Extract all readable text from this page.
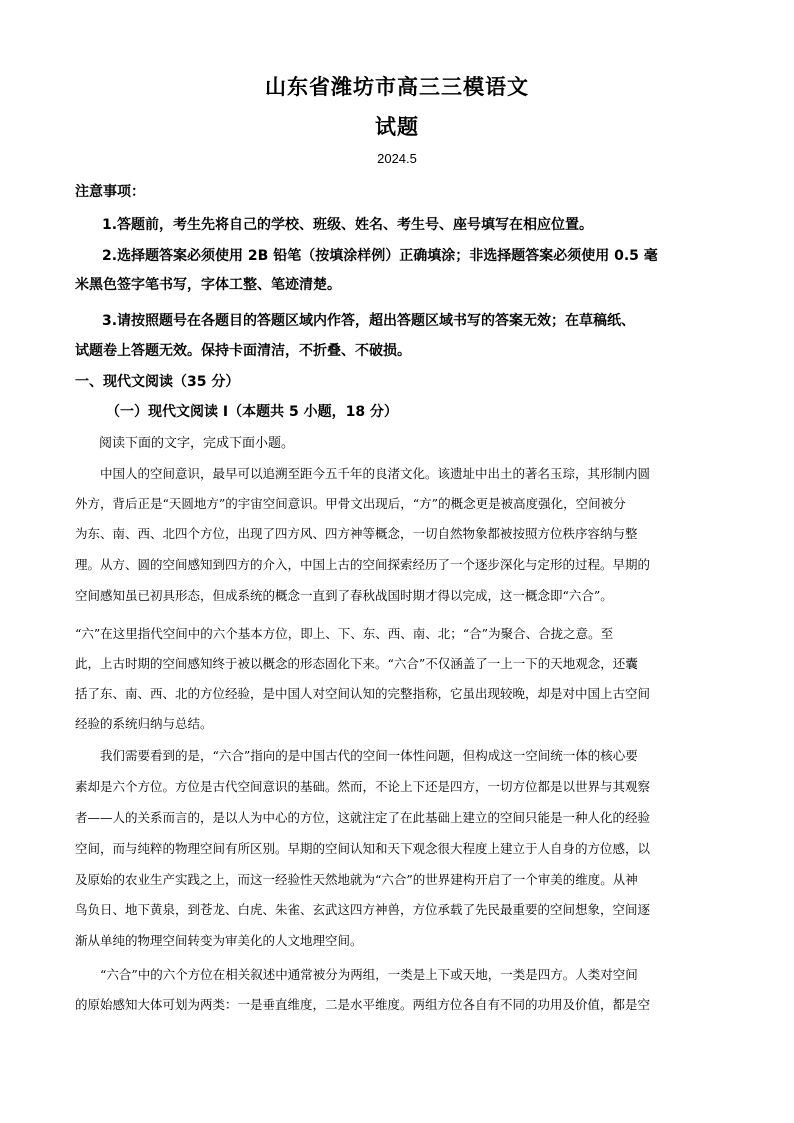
山东省潍坊市高三三模语文
试题
2024.5
注意事项：
1.答题前，考生先将自己的学校、班级、姓名、考生号、座号填写在相应位置。
2.选择题答案必须使用 2B 铅笔（按填涂样例）正确填涂；非选择题答案必须使用 0.5 毫
米黑色签字笔书写，字体工整、笔迹清楚。
3.请按照题号在各题目的答题区域内作答，超出答题区域书写的答案无效；在草稿纸、
试题卷上答题无效。保持卡面清洁，不折叠、不破损。
一、现代文阅读（35 分）
（一）现代文阅读 I（本题共 5 小题，18 分）
阅读下面的文字，完成下面小题。
中国人的空间意识，最早可以追溯至距今五千年的良渚文化。该遗址中出土的著名玉琮，其形制内圆
外方，背后正是“天圆地方”的宇宙空间意识。甲骨文出现后，“方”的概念更是被高度强化，空间被分
为东、南、西、北四个方位，出现了四方风、四方神等概念，一切自然物象都被按照方位秩序容纳与整
理。从方、圆的空间感知到四方的介入，中国上古的空间探索经历了一个逐步深化与定形的过程。早期的
空间感知虽已初具形态，但成系统的概念一直到了春秋战国时期才得以完成，这一概念即“六合”。
“六”在这里指代空间中的六个基本方位，即上、下、东、西、南、北；“合”为聚合、合拢之意。至
此，上古时期的空间感知终于被以概念的形态固化下来。“六合”不仅涵盖了一上一下的天地观念，还囊
括了东、南、西、北的方位经验，是中国人对空间认知的完整指称，它虽出现较晚，却是对中国上古空间
经验的系统归纳与总结。
我们需要看到的是，“六合”指向的是中国古代的空间一体性问题，但构成这一空间统一体的核心要
素却是六个方位。方位是古代空间意识的基础。然而，不论上下还是四方，一切方位都是以世界与其观察
者——人的关系而言的，是以人为中心的方位，这就注定了在此基础上建立的空间只能是一种人化的经验
空间，而与纯粹的物理空间有所区别。早期的空间认知和天下观念很大程度上建立于人自身的方位感，以
及原始的农业生产实践之上，而这一经验性天然地就为“六合”的世界建构开启了一个审美的维度。从神
鸟负日、地下黄泉，到苍龙、白虎、朱雀、玄武这四方神兽，方位承载了先民最重要的空间想象，空间逐
渐从单纯的物理空间转变为审美化的人文地理空间。
“六合”中的六个方位在相关叙述中通常被分为两组，一类是上下或天地，一类是四方。人类对空间
的原始感知大体可划为两类：一是垂直维度，二是水平维度。两组方位各自有不同的功用及价值，都是空
